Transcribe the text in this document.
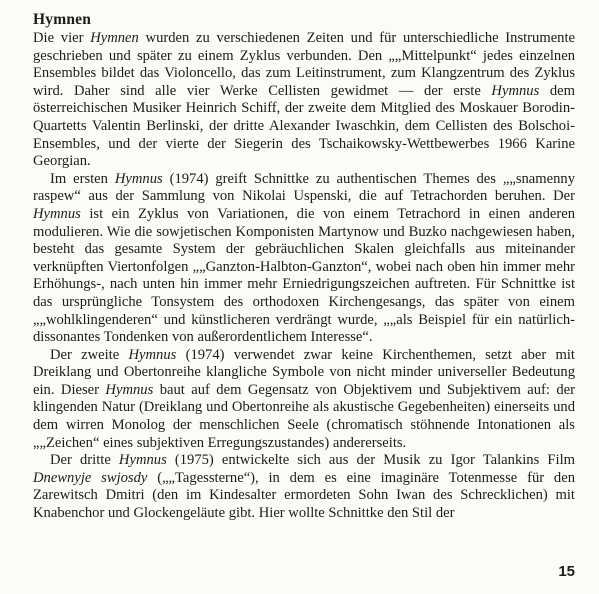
Hymnen

Die vier Hymnen wurden zu verschiedenen Zeiten und für unterschiedliche Instrumente geschrieben und später zu einem Zyklus verbunden. Den „„Mittelpunkt“ jedes einzelnen Ensembles bildet das Violoncello, das zum Leitinstrument, zum Klangzentrum des Zyklus wird. Daher sind alle vier Werke Cellisten gewidmet — der erste Hymnus dem österreichischen Musiker Heinrich Schiff, der zweite dem Mitglied des Moskauer Borodin-Quartetts Valentin Berlinski, der dritte Alexander Iwaschkin, dem Cellisten des Bolschoi-Ensembles, und der vierte der Siegerin des Tschaikowsky-Wettbewerbes 1966 Karine Georgian.

Im ersten Hymnus (1974) greift Schnittke zu authentischen Themes des „„snamenny raspew“ aus der Sammlung von Nikolai Uspenski, die auf Tetrachorden beruhen. Der Hymnus ist ein Zyklus von Variationen, die von einem Tetrachord in einen anderen modulieren. Wie die sowjetischen Komponisten Martynow und Buzko nachgewiesen haben, besteht das gesamte System der gebräuchlichen Skalen gleichfalls aus miteinander verknüpften Viertonfolgen „„Ganzton-Halbton-Ganzton“, wobei nach oben hin immer mehr Erhöhungs-, nach unten hin immer mehr Erniedrigungszeichen auftreten. Für Schnittke ist das ursprüngliche Tonsystem des orthodoxen Kirchengesangs, das später von einem „„wohlklingenderen“ und künstlicheren verdrängt wurde, „„als Beispiel für ein natürlich-dissonantes Tondenken von außerordentlichem Interesse“.

Der zweite Hymnus (1974) verwendet zwar keine Kirchenthemen, setzt aber mit Dreiklang und Obertonreihe klangliche Symbole von nicht minder universeller Bedeutung ein. Dieser Hymnus baut auf dem Gegensatz von Objektivem und Subjektivem auf: der klingenden Natur (Dreiklang und Obertonreihe als akustische Gegebenheiten) einerseits und dem wirren Monolog der menschlichen Seele (chromatisch stöhnende Intonationen als „„Zeichen“ eines subjektiven Erregungszustandes) andererseits.

Der dritte Hymnus (1975) entwickelte sich aus der Musik zu Igor Talankins Film Dnewnyje swjosdy („„Tagessterne“), in dem es eine imaginäre Totenmesse für den Zarewitsch Dmitri (den im Kindesalter ermordeten Sohn Iwan des Schrecklichen) mit Knabenchor und Glockengeläute gibt. Hier wollte Schnittke den Stil der

15
